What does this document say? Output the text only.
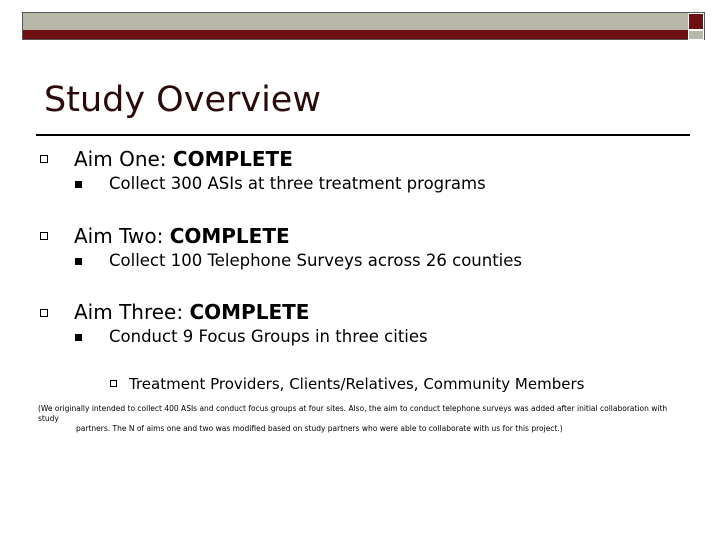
Study Overview
Aim One: COMPLETE
Collect 300 ASIs at three treatment programs
Aim Two: COMPLETE
Collect 100 Telephone Surveys across 26 counties
Aim Three: COMPLETE
Conduct 9 Focus Groups in three cities
Treatment Providers, Clients/Relatives, Community Members
(We originally intended to collect 400 ASIs and conduct focus groups at four sites. Also, the aim to conduct telephone surveys was added after initial collaboration with study
partners. The N of aims one and two was modified based on study partners who were able to collaborate with us for this project.)
